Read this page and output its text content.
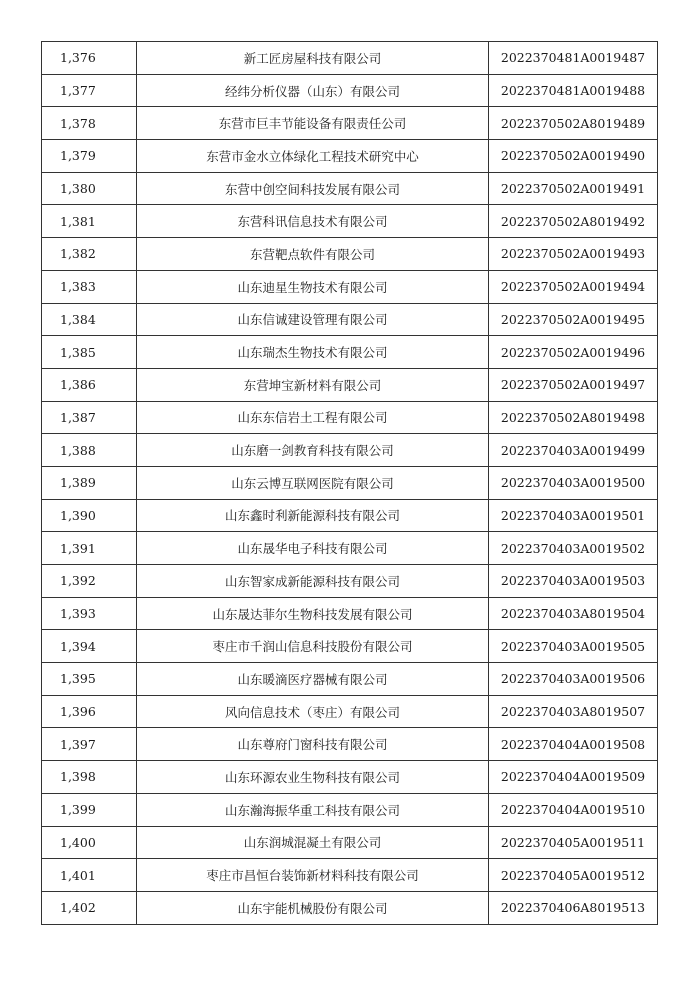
1,376	新工匠房屋科技有限公司	2022370481A0019487
1,377	经纬分析仪器（山东）有限公司	2022370481A0019488
1,378	东营市巨丰节能设备有限责任公司	2022370502A8019489
1,379	东营市金水立体绿化工程技术研究中心	2022370502A0019490
1,380	东营中创空间科技发展有限公司	2022370502A0019491
1,381	东营科讯信息技术有限公司	2022370502A8019492
1,382	东营靶点软件有限公司	2022370502A0019493
1,383	山东迪星生物技术有限公司	2022370502A0019494
1,384	山东信诚建设管理有限公司	2022370502A0019495
1,385	山东瑞杰生物技术有限公司	2022370502A0019496
1,386	东营坤宝新材料有限公司	2022370502A0019497
1,387	山东东信岩土工程有限公司	2022370502A8019498
1,388	山东磨一剑教育科技有限公司	2022370403A0019499
1,389	山东云博互联网医院有限公司	2022370403A0019500
1,390	山东鑫时利新能源科技有限公司	2022370403A0019501
1,391	山东晟华电子科技有限公司	2022370403A0019502
1,392	山东智家成新能源科技有限公司	2022370403A0019503
1,393	山东晟达菲尔生物科技发展有限公司	2022370403A8019504
1,394	枣庄市千润山信息科技股份有限公司	2022370403A0019505
1,395	山东暖滴医疗器械有限公司	2022370403A0019506
1,396	风向信息技术（枣庄）有限公司	2022370403A8019507
1,397	山东尊府门窗科技有限公司	2022370404A0019508
1,398	山东环源农业生物科技有限公司	2022370404A0019509
1,399	山东瀚海振华重工科技有限公司	2022370404A0019510
1,400	山东润城混凝土有限公司	2022370405A0019511
1,401	枣庄市昌恒台装饰新材料科技有限公司	2022370405A0019512
1,402	山东宇能机械股份有限公司	2022370406A8019513
